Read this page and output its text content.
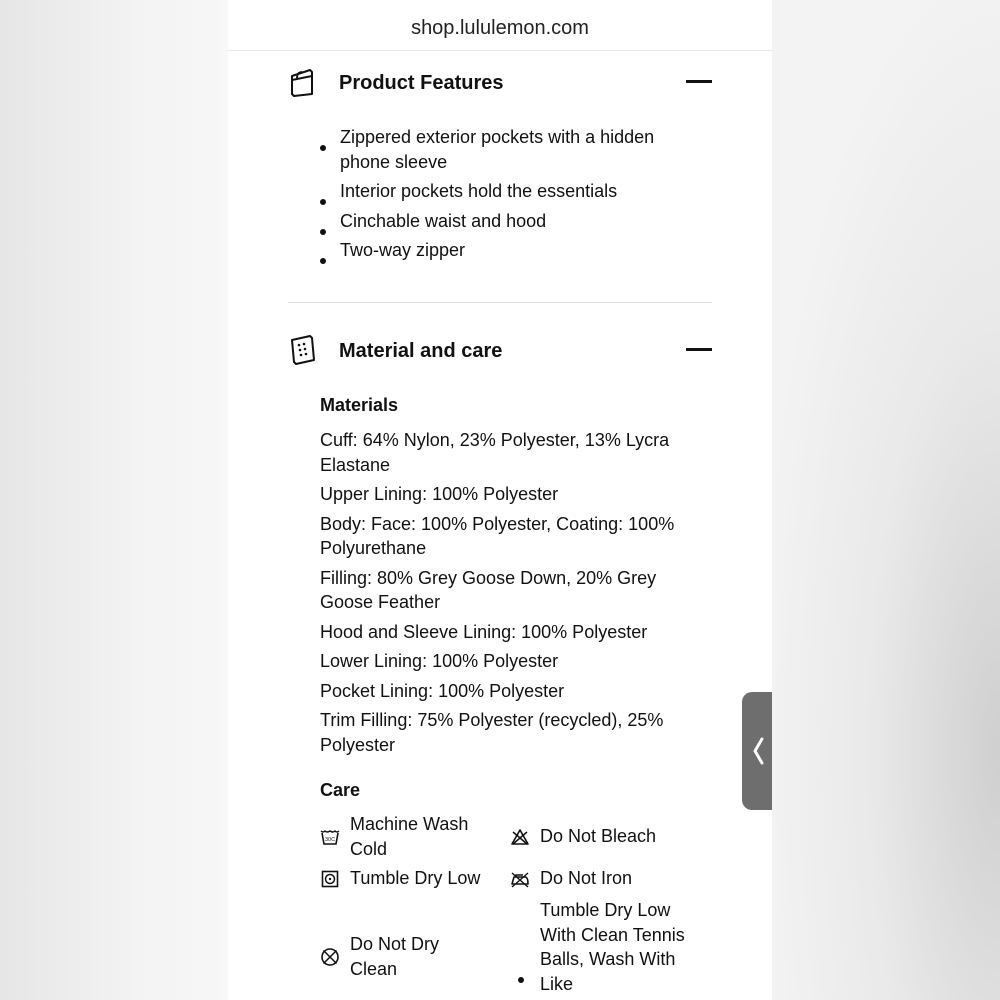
shop.lululemon.com
Product Features
Zippered exterior pockets with a hidden phone sleeve
Interior pockets hold the essentials
Cinchable waist and hood
Two-way zipper
Material and care
Materials
Cuff: 64% Nylon, 23% Polyester, 13% Lycra Elastane
Upper Lining: 100% Polyester
Body: Face: 100% Polyester, Coating: 100% Polyurethane
Filling: 80% Grey Goose Down, 20% Grey Goose Feather
Hood and Sleeve Lining: 100% Polyester
Lower Lining: 100% Polyester
Pocket Lining: 100% Polyester
Trim Filling: 75% Polyester (recycled), 25% Polyester
Care
30C
Machine Wash Cold
Do Not Bleach
Tumble Dry Low	Do Not Iron
Do Not Dry Clean
Tumble Dry Low With Clean Tennis Balls, Wash With Like
